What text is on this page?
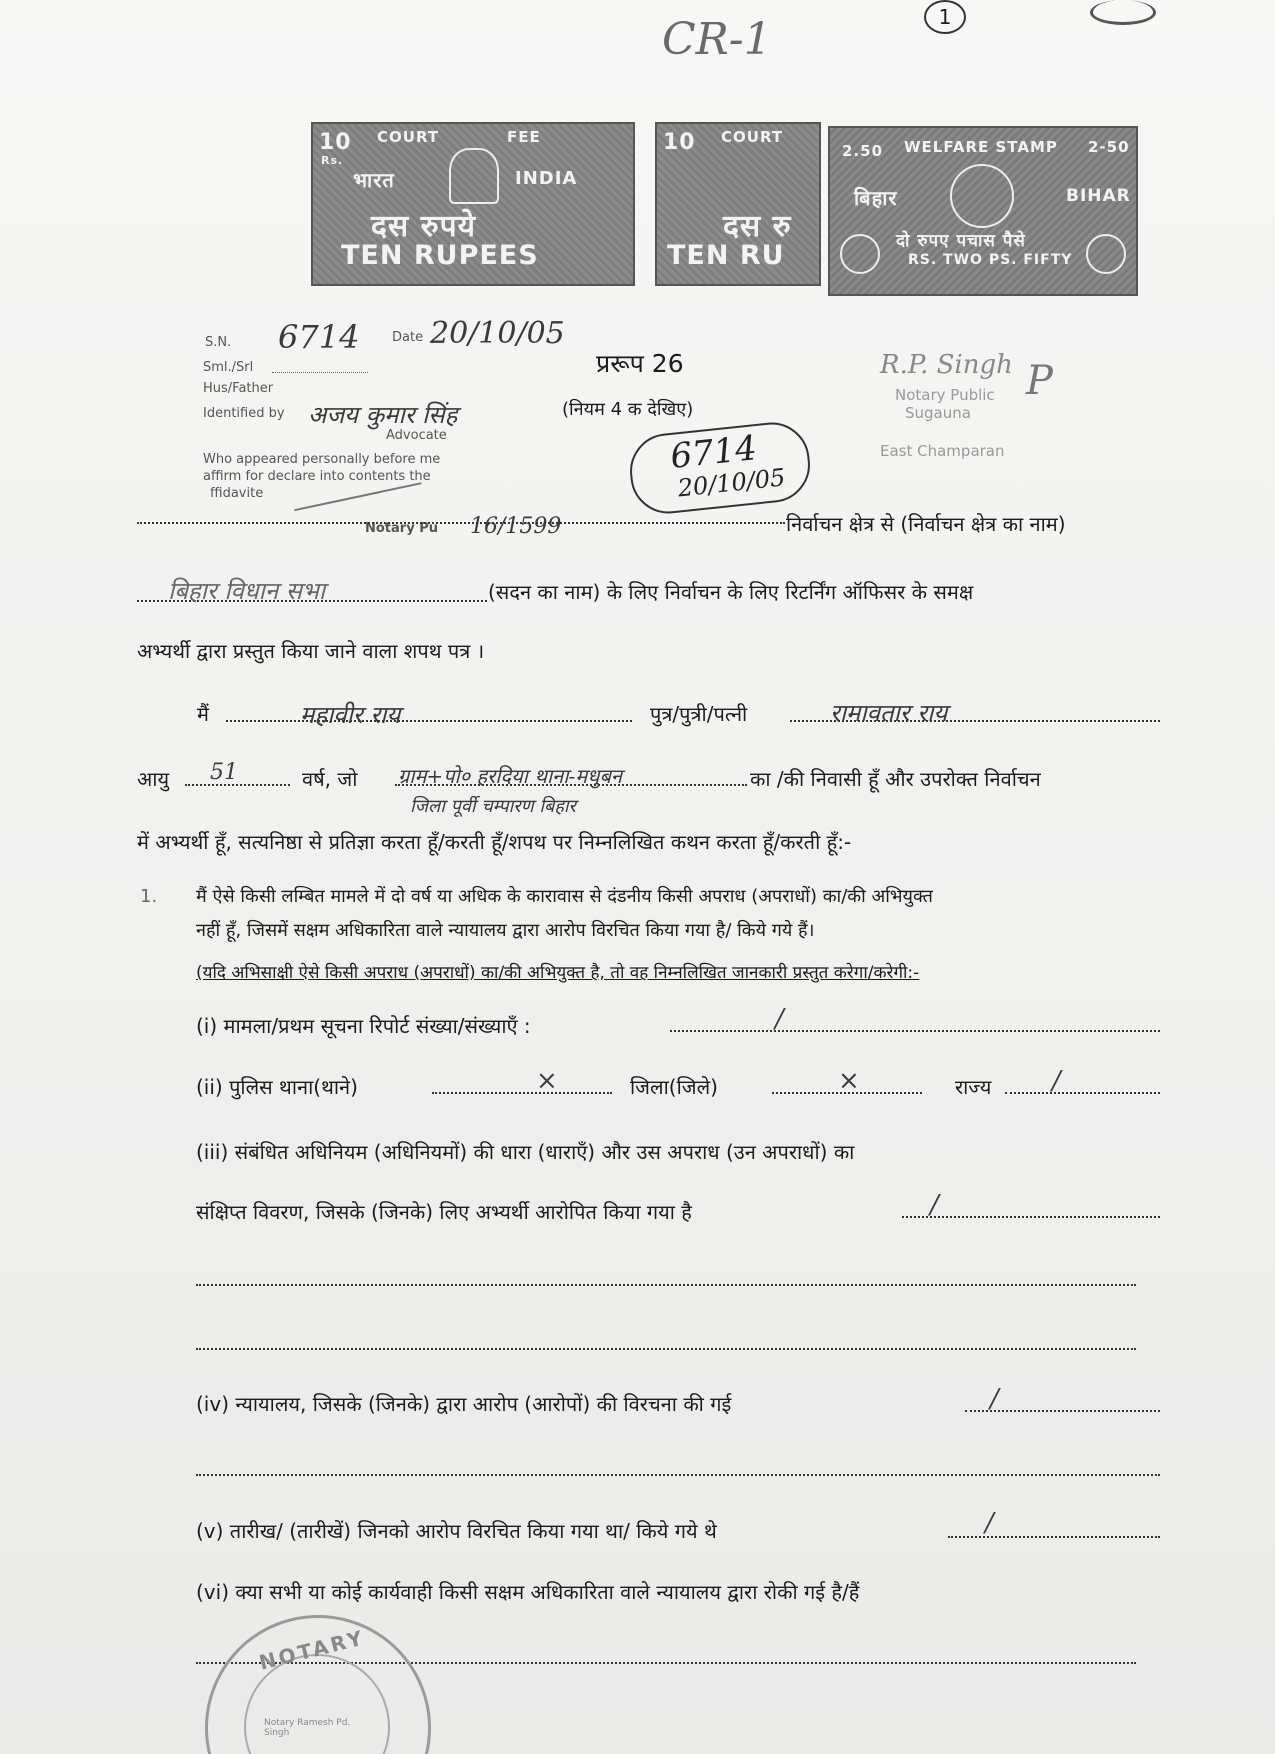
CR-1	1
10
Rs.
COURT	FEE
भारत	INDIA
दस रुपये
TEN RUPEES
10 COURT
दस रु
TEN RU
2.50	2-50
WELFARE STAMP
बिहार	BIHAR
दो रुपए पचास पैसे
RS. TWO PS. FIFTY
S.N. 6714	Date 20/10/05
Sml./Srl
Hus/Father
Identified by अजय कुमार सिंह
Advocate
Who appeared personally before me
affirm for declare into contents the
ffidavite
Notary Pu 16/1599
प्ररूप 26
(नियम 4 क देखिए)
6714
20/10/05
R.P. Singh
Notary Public
Sugauna
East Champaran
P
निर्वाचन क्षेत्र से (निर्वाचन क्षेत्र का नाम)
बिहार विधान सभा	(सदन का नाम) के लिए निर्वाचन के लिए रिटर्निंग ऑफिसर के समक्ष
अभ्यर्थी द्वारा प्रस्तुत किया जाने वाला शपथ पत्र ।
मैं	महावीर राय	पुत्र/पुत्री/पत्नी	रामावतार राय
आयु 51	वर्ष, जो ग्राम+पो० हरदिया थाना-मधुबन
जिला पूर्वी चम्पारण बिहार
का /की निवासी हूँ और उपरोक्त निर्वाचन
में अभ्यर्थी हूँ, सत्यनिष्ठा से प्रतिज्ञा करता हूँ/करती हूँ/शपथ पर निम्नलिखित कथन करता हूँ/करती हूँ:-
1. मैं ऐसे किसी लम्बित मामले में दो वर्ष या अधिक के कारावास से दंडनीय किसी अपराध (अपराधों) का/की अभियुक्त
नहीं हूँ, जिसमें सक्षम अधिकारिता वाले न्यायालय द्वारा आरोप विरचित किया गया है/ किये गये हैं।
(यदि अभिसाक्षी ऐसे किसी अपराध (अपराधों) का/की अभियुक्त है, तो वह निम्नलिखित जानकारी प्रस्तुत करेगा/करेगी:-
(i) मामला/प्रथम सूचना रिपोर्ट संख्या/संख्याएँ :	/
(ii) पुलिस थाना(थाने)	×	जिला(जिले)	×	राज्य /
(iii) संबंधित अधिनियम (अधिनियमों) की धारा (धाराएँ) और उस अपराध (उन अपराधों) का
संक्षिप्त विवरण, जिसके (जिनके) लिए अभ्यर्थी आरोपित किया गया है	/
(iv) न्यायालय, जिसके (जिनके) द्वारा आरोप (आरोपों) की विरचना की गई	/
(v) तारीख/ (तारीखें) जिनको आरोप विरचित किया गया था/ किये गये थे	/
(vi) क्या सभी या कोई कार्यवाही किसी सक्षम अधिकारिता वाले न्यायालय द्वारा रोकी गई है/हैं
NOTARY
Notary Ramesh Pd. Singh
